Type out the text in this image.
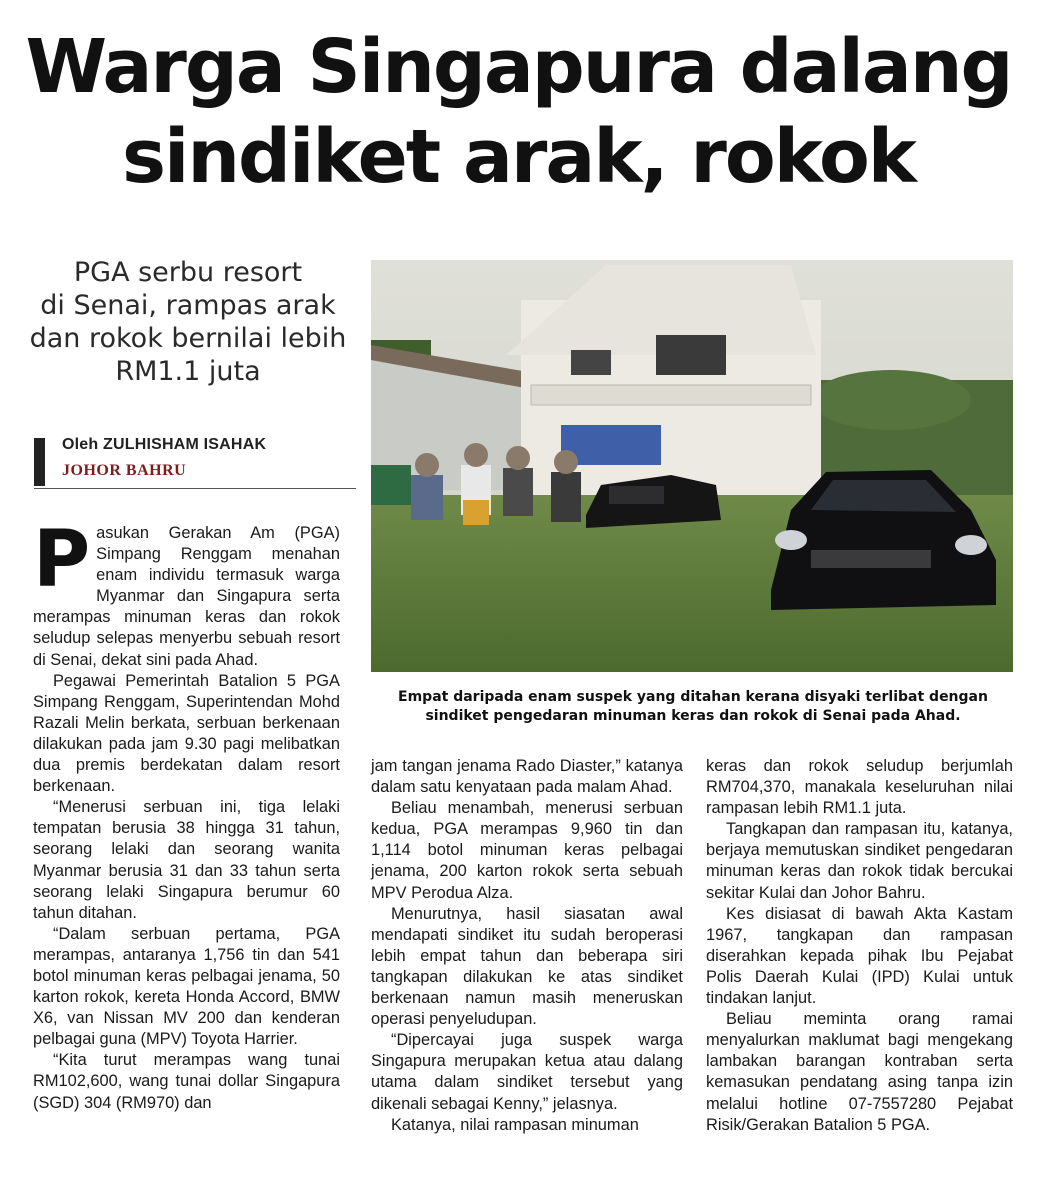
Warga Singapura dalang
sindiket arak, rokok
PGA serbu resort
di Senai, rampas arak
dan rokok bernilai lebih
RM1.1 juta
Oleh ZULHISHAM ISAHAK
JOHOR BAHRU
Empat daripada enam suspek yang ditahan kerana disyaki terlibat dengan
sindiket pengedaran minuman keras dan rokok di Senai pada Ahad.
P asukan Gerakan Am (PGA) Simpang Renggam menahan enam individu termasuk warga Myanmar dan Singapura serta merampas minuman keras dan rokok seludup selepas menyerbu sebuah resort di Senai, dekat sini pada Ahad.

Pegawai Pemerintah Batalion 5 PGA Simpang Renggam, Superintendan Mohd Razali Melin berkata, serbuan berkenaan dilakukan pada jam 9.30 pagi melibatkan dua premis berdekatan dalam resort berkenaan.

“Menerusi serbuan ini, tiga lelaki tempatan berusia 38 hingga 31 tahun, seorang lelaki dan seorang wanita Myanmar berusia 31 dan 33 tahun serta seorang lelaki Singapura berumur 60 tahun ditahan.

“Dalam serbuan pertama, PGA merampas, antaranya 1,756 tin dan 541 botol minuman keras pelbagai jenama, 50 karton rokok, kereta Honda Accord, BMW X6, van Nissan MV 200 dan kenderan pelbagai guna (MPV) Toyota Harrier.

“Kita turut merampas wang tunai RM102,600, wang tunai dollar Singapura (SGD) 304 (RM970) dan

jam tangan jenama Rado Diaster,” katanya dalam satu kenyataan pada malam Ahad.

Beliau menambah, menerusi serbuan kedua, PGA merampas 9,960 tin dan 1,114 botol minuman keras pelbagai jenama, 200 karton rokok serta sebuah MPV Perodua Alza.

Menurutnya, hasil siasatan awal mendapati sindiket itu sudah beroperasi lebih empat tahun dan beberapa siri tangkapan dilakukan ke atas sindiket berkenaan namun masih meneruskan operasi penyeludupan.

“Dipercayai juga suspek warga Singapura merupakan ketua atau dalang utama dalam sindiket tersebut yang dikenali sebagai Kenny,” jelasnya.

Katanya, nilai rampasan minuman

keras dan rokok seludup berjumlah RM704,370, manakala keseluruhan nilai rampasan lebih RM1.1 juta.

Tangkapan dan rampasan itu, katanya, berjaya memutuskan sindiket pengedaran minuman keras dan rokok tidak bercukai sekitar Kulai dan Johor Bahru.

Kes disiasat di bawah Akta Kastam 1967, tangkapan dan rampasan diserahkan kepada pihak Ibu Pejabat Polis Daerah Kulai (IPD) Kulai untuk tindakan lanjut.

Beliau meminta orang ramai menyalurkan maklumat bagi mengekang lambakan barangan kontraban serta kemasukan pendatang asing tanpa izin melalui hotline 07-7557280 Pejabat Risik/Gerakan Batalion 5 PGA.
